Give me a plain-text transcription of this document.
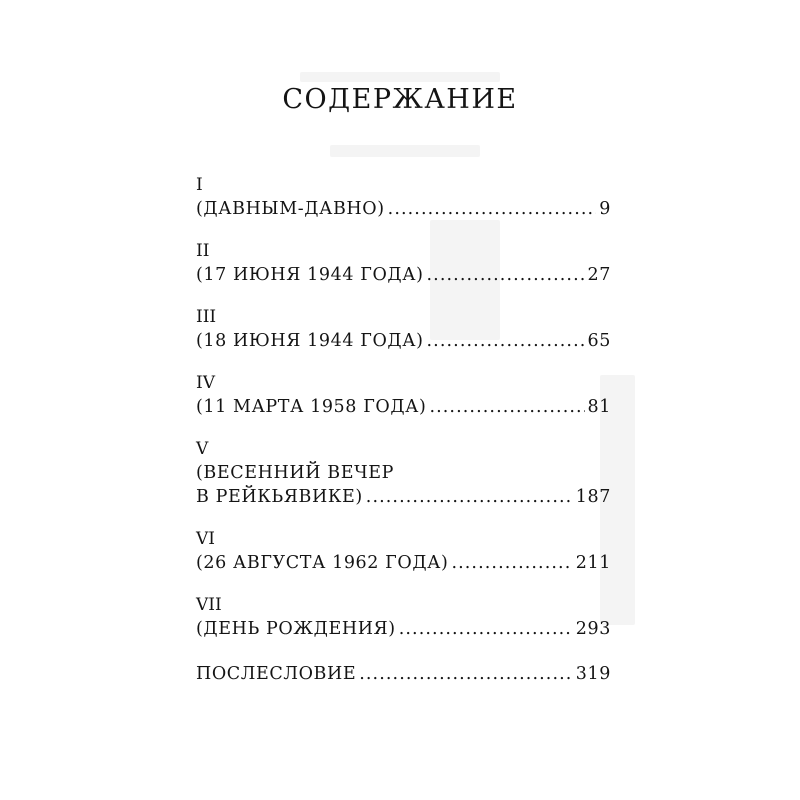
СОДЕРЖАНИЕ
I
(ДАВНЫМ-ДАВНО) .....	9
II
(17 ИЮНЯ 1944 ГОДА) .....	27
III
(18 ИЮНЯ 1944 ГОДА) .....	65
IV
(11 МАРТА 1958 ГОДА) .....	81
V
(ВЕСЕННИЙ ВЕЧЕР
В РЕЙКЬЯВИКЕ) .....	187
VI
(26 АВГУСТА 1962 ГОДА) .....	211
VII
(ДЕНЬ РОЖДЕНИЯ) .....	293
ПОСЛЕСЛОВИЕ .....	319
